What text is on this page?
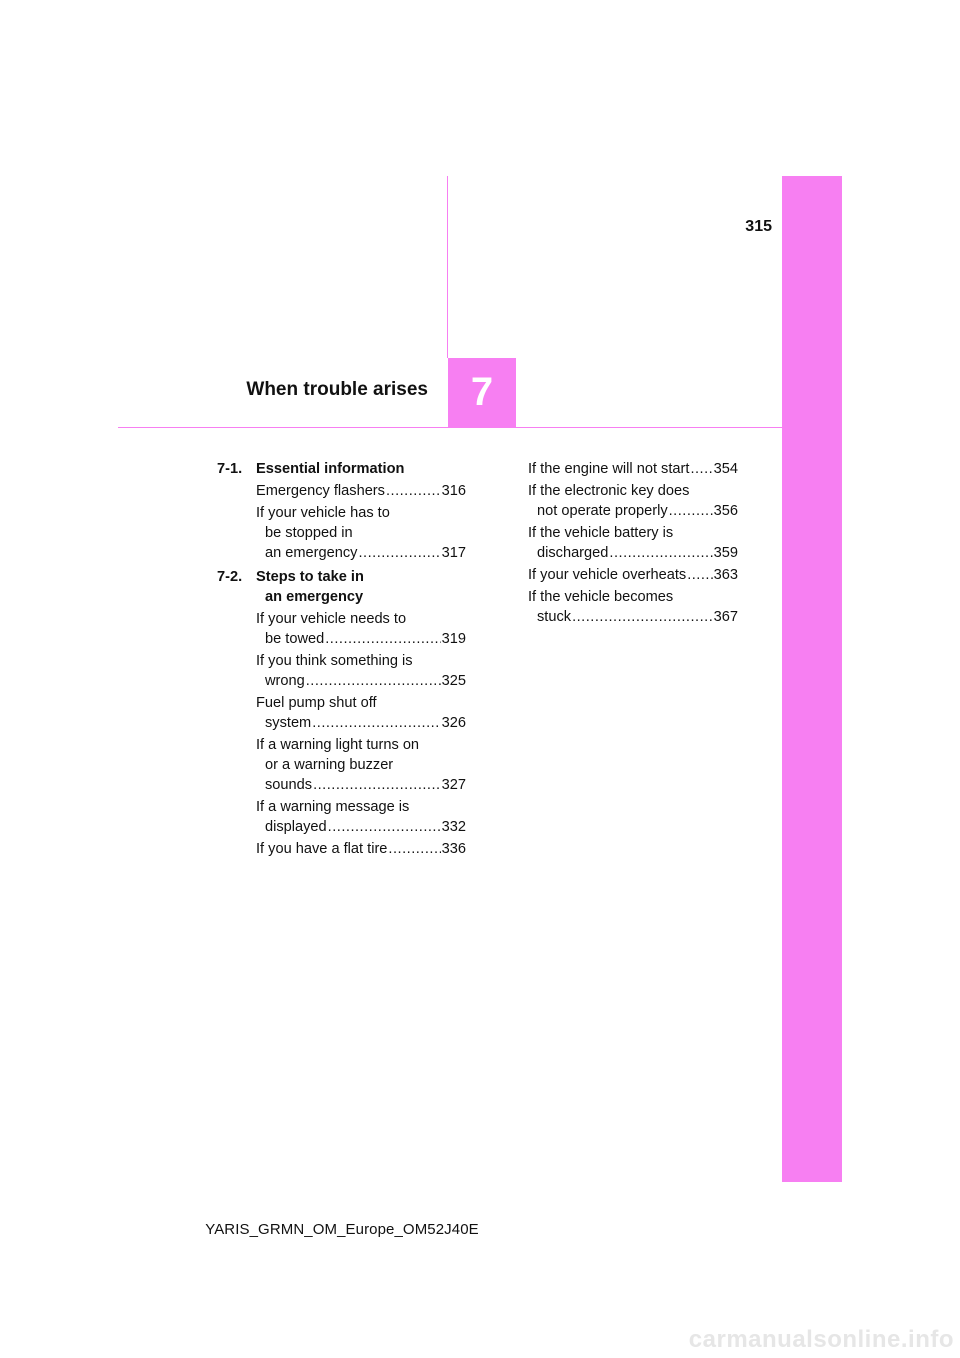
315
When trouble arises 7
7-1. Essential information
Emergency flashers .....	316
If your vehicle has to
be stopped in
an emergency .....	317
7-2. Steps to take in
an emergency
If your vehicle needs to
be towed .....	319
If you think something is
wrong .....	325
Fuel pump shut off
system .....	326
If a warning light turns on
or a warning buzzer
sounds .....	327
If a warning message is
displayed .....	332
If you have a flat tire .....	336
If the engine will not start ..... 354
If the electronic key does
not operate properly .....	356
If the vehicle battery is
discharged .....	359
If your vehicle overheats ..... 363
If the vehicle becomes
stuck .....	367
YARIS_GRMN_OM_Europe_OM52J40E
carmanualsonline.info
